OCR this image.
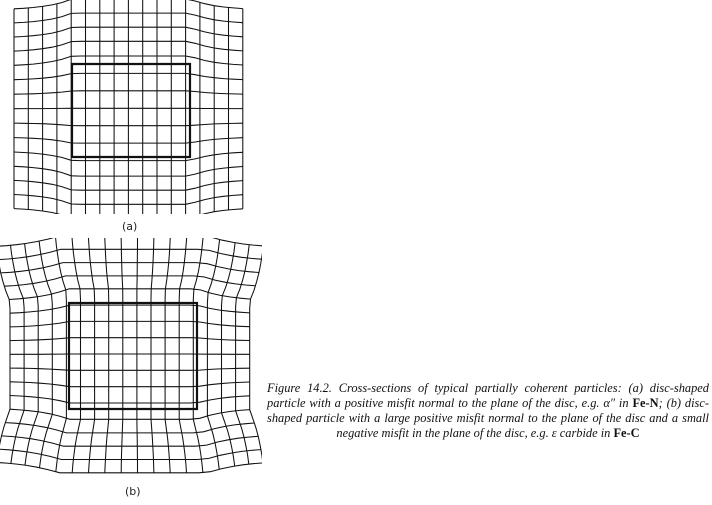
(a)
(b)
Figure 14.2. Cross-sections of typical partially coherent particles: (a) disc-shaped particle with a positive misfit normal to the plane of the disc, e.g. α″ in Fe-N; (b) disc-shaped particle with a large positive misfit normal to the plane of the disc and a small negative misfit in the plane of the disc, e.g. ε carbide in Fe-C
